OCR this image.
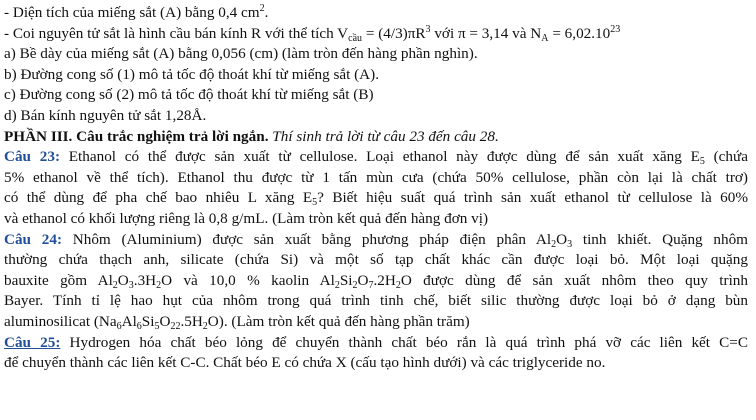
- Diện tích của miếng sắt (A) bằng 0,4 $cm^2$.
- Coi nguyên tử sắt là hình cầu bán kính R với thể tích $V_{cầu} = (4/3)\pi R^3$ với π = 3,14 và $N_A = 6,02.10^{23}$
a) Bề dày của miếng sắt (A) bằng 0,056 (cm) (làm tròn đến hàng phần nghìn).
b) Đường cong số (1) mô tả tốc độ thoát khí từ miếng sắt (A).
c) Đường cong số (2) mô tả tốc độ thoát khí từ miếng sắt (B)
d) Bán kính nguyên tử sắt 1,28Å.
PHẦN III. Câu trắc nghiệm trả lời ngắn. Thí sinh trả lời từ câu 23 đến câu 28.
Câu 23: Ethanol có thể được sản xuất từ cellulose. Loại ethanol này được dùng để sản xuất xăng $E_5$ (chứa
5% ethanol về thể tích). Ethanol thu được từ 1 tấn mùn cưa (chứa 50% cellulose, phần còn lại là chất trơ)
có thể dùng để pha chế bao nhiêu L xăng $E_5$? Biết hiệu suất quá trình sản xuất ethanol từ cellulose là 60%
và ethanol có khối lượng riêng là 0,8 g/mL. (Làm tròn kết quả đến hàng đơn vị)
Câu 24: Nhôm (Aluminium) được sản xuất bằng phương pháp điện phân $Al_2O_3$ tinh khiết. Quặng nhôm
thường chứa thạch anh, silicate (chứa Si) và một số tạp chất khác cần được loại bỏ. Một loại quặng
bauxite gồm $Al_2O_3.3H_2O$ và 10,0 % kaolin $Al_2Si_2O_7.2H_2O$ được dùng để sản xuất nhôm theo quy trình
Bayer. Tính tỉ lệ hao hụt của nhôm trong quá trình tinh chế, biết silic thường được loại bỏ ở dạng bùn
aluminosilicat $(Na_6Al_6Si_5O_{22}.5H_2O)$. (Làm tròn kết quả đến hàng phần trăm)
Câu 25: Hydrogen hóa chất béo lỏng để chuyển thành chất béo rắn là quá trình phá vỡ các liên kết C=C
để chuyển thành các liên kết C-C. Chất béo E có chứa X (cấu tạo hình dưới) và các triglyceride no.
